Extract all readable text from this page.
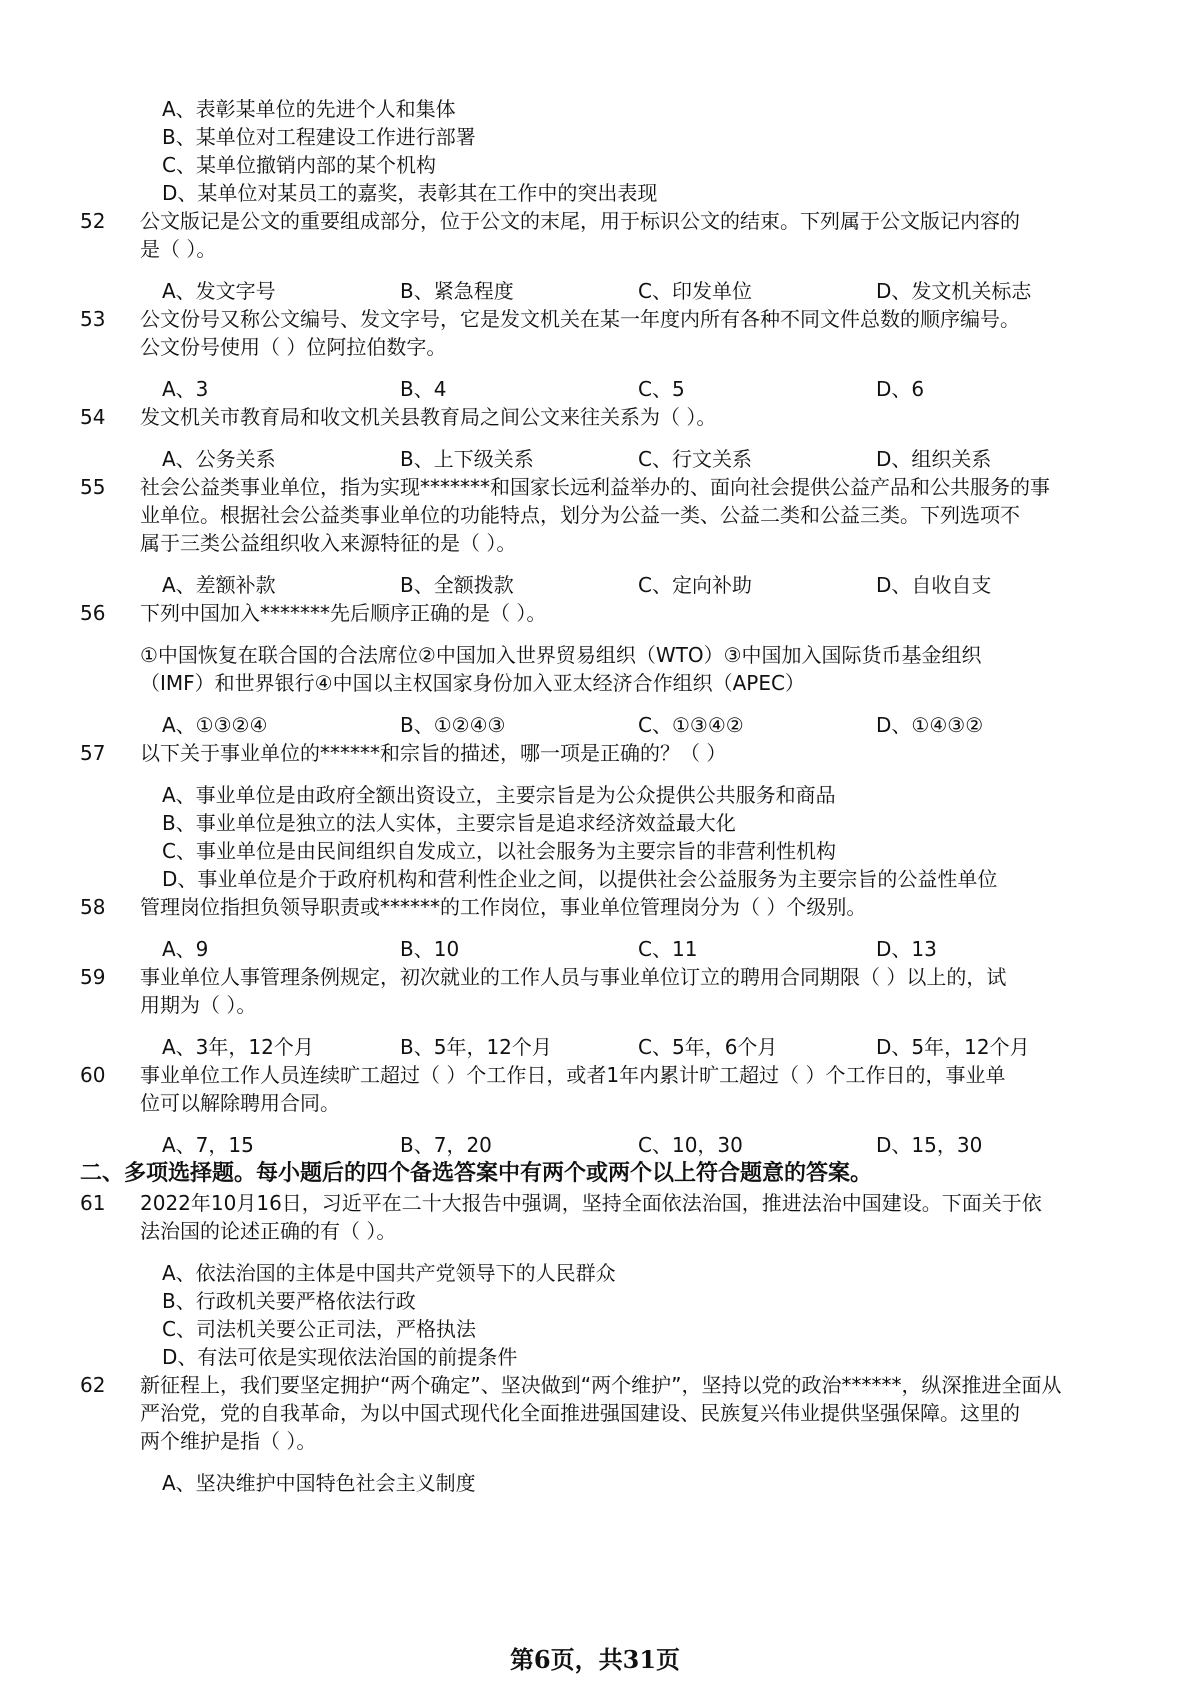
A、表彰某单位的先进个人和集体
B、某单位对工程建设工作进行部署
C、某单位撤销内部的某个机构
D、某单位对某员工的嘉奖，表彰其在工作中的突出表现
52 公文版记是公文的重要组成部分，位于公文的末尾，用于标识公文的结束。下列属于公文版记内容的
是（ ）。
A、发文字号	B、紧急程度	C、印发单位	D、发文机关标志
53 公文份号又称公文编号、发文字号，它是发文机关在某一年度内所有各种不同文件总数的顺序编号。
公文份号使用（ ）位阿拉伯数字。
A、3	B、4	C、5	D、6
54 发文机关市教育局和收文机关县教育局之间公文来往关系为（ ）。
A、公务关系	B、上下级关系	C、行文关系	D、组织关系
55 社会公益类事业单位，指为实现*******和国家长远利益举办的、面向社会提供公益产品和公共服务的事
业单位。根据社会公益类事业单位的功能特点，划分为公益一类、公益二类和公益三类。下列选项不
属于三类公益组织收入来源特征的是（ ）。
A、差额补款	B、全额拨款	C、定向补助	D、自收自支
56 下列中国加入*******先后顺序正确的是（ ）。
①中国恢复在联合国的合法席位②中国加入世界贸易组织（WTO）③中国加入国际货币基金组织
（IMF）和世界银行④中国以主权国家身份加入亚太经济合作组织（APEC）
A、①③②④	B、①②④③	C、①③④②	D、①④③②
57 以下关于事业单位的******和宗旨的描述，哪一项是正确的？（ ）
A、事业单位是由政府全额出资设立，主要宗旨是为公众提供公共服务和商品
B、事业单位是独立的法人实体，主要宗旨是追求经济效益最大化
C、事业单位是由民间组织自发成立，以社会服务为主要宗旨的非营利性机构
D、事业单位是介于政府机构和营利性企业之间，以提供社会公益服务为主要宗旨的公益性单位
58 管理岗位指担负领导职责或******的工作岗位，事业单位管理岗分为（ ）个级别。
A、9	B、10	C、11	D、13
59 事业单位人事管理条例规定，初次就业的工作人员与事业单位订立的聘用合同期限（ ）以上的，试
用期为（ ）。
A、3年，12个月	B、5年，12个月	C、5年，6个月	D、5年，12个月
60 事业单位工作人员连续旷工超过（ ）个工作日，或者1年内累计旷工超过（ ）个工作日的，事业单
位可以解除聘用合同。
A、7，15	B、7，20	C、10，30	D、15，30
二、多项选择题。每小题后的四个备选答案中有两个或两个以上符合题意的答案。
61 2022年10月16日，习近平在二十大报告中强调，坚持全面依法治国，推进法治中国建设。下面关于依
法治国的论述正确的有（ ）。
A、依法治国的主体是中国共产党领导下的人民群众
B、行政机关要严格依法行政
C、司法机关要公正司法，严格执法
D、有法可依是实现依法治国的前提条件
62 新征程上，我们要坚定拥护“两个确定”、坚决做到“两个维护”，坚持以党的政治******，纵深推进全面从
严治党，党的自我革命，为以中国式现代化全面推进强国建设、民族复兴伟业提供坚强保障。这里的
两个维护是指（ ）。
A、坚决维护中国特色社会主义制度
第6页，共31页
